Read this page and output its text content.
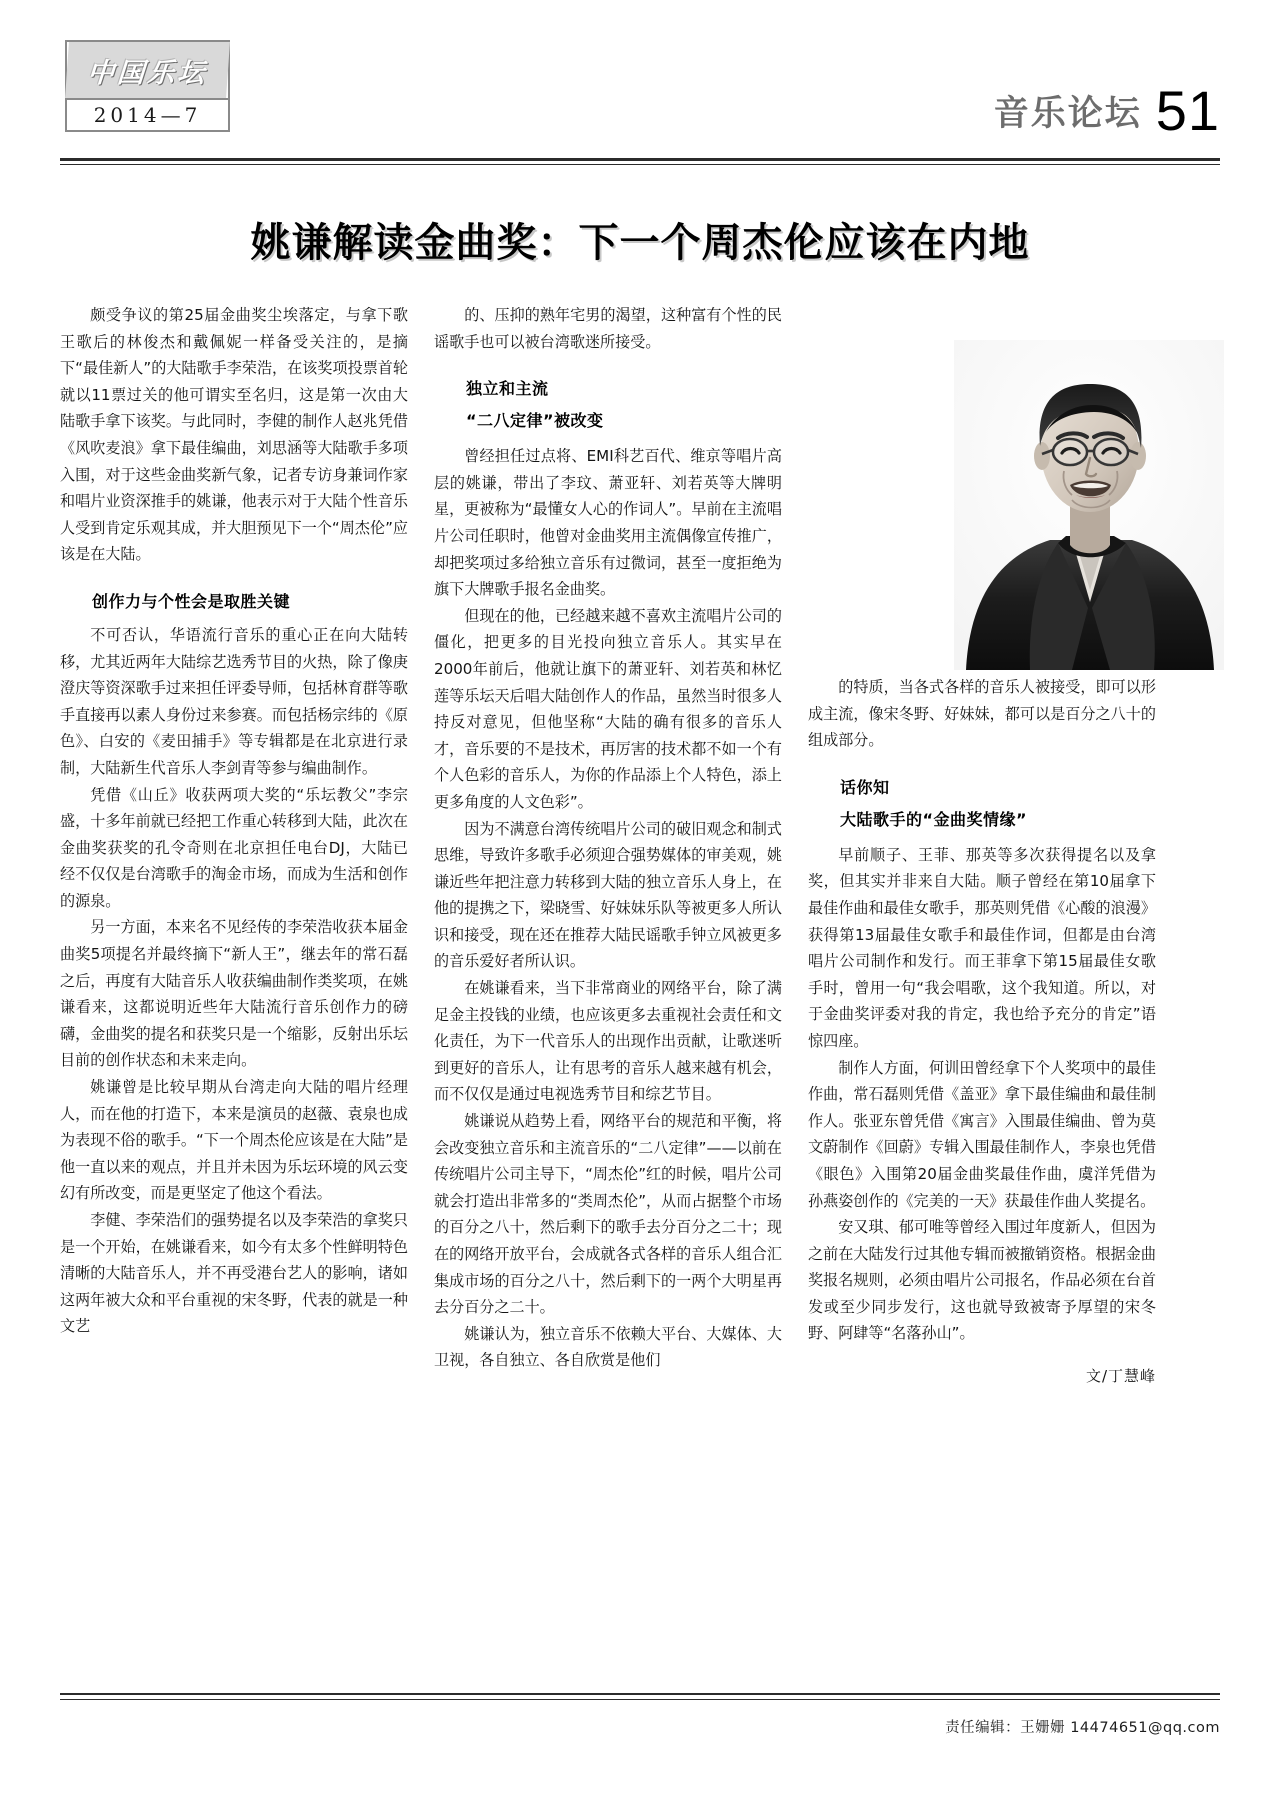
中国乐坛
2014—7	音乐论坛 51
姚谦解读金曲奖：下一个周杰伦应该在内地

颇受争议的第25届金曲奖尘埃落定，与拿下歌王歌后的林俊杰和戴佩妮一样备受关注的，是摘下“最佳新人”的大陆歌手李荣浩，在该奖项投票首轮就以11票过关的他可谓实至名归，这是第一次由大陆歌手拿下该奖。与此同时，李健的制作人赵兆凭借《风吹麦浪》拿下最佳编曲，刘思涵等大陆歌手多项入围，对于这些金曲奖新气象，记者专访身兼词作家和唱片业资深推手的姚谦，他表示对于大陆个性音乐人受到肯定乐观其成，并大胆预见下一个“周杰伦”应该是在大陆。

创作力与个性会是取胜关键

不可否认，华语流行音乐的重心正在向大陆转移，尤其近两年大陆综艺选秀节目的火热，除了像庚澄庆等资深歌手过来担任评委导师，包括林育群等歌手直接再以素人身份过来参赛。而包括杨宗纬的《原色》、白安的《麦田捕手》等专辑都是在北京进行录制，大陆新生代音乐人李剑青等参与编曲制作。

凭借《山丘》收获两项大奖的“乐坛教父”李宗盛，十多年前就已经把工作重心转移到大陆，此次在金曲奖获奖的孔令奇则在北京担任电台DJ，大陆已经不仅仅是台湾歌手的淘金市场，而成为生活和创作的源泉。

另一方面，本来名不见经传的李荣浩收获本届金曲奖5项提名并最终摘下“新人王”，继去年的常石磊之后，再度有大陆音乐人收获编曲制作类奖项，在姚谦看来，这都说明近些年大陆流行音乐创作力的磅礴，金曲奖的提名和获奖只是一个缩影，反射出乐坛目前的创作状态和未来走向。

姚谦曾是比较早期从台湾走向大陆的唱片经理人，而在他的打造下，本来是演员的赵薇、袁泉也成为表现不俗的歌手。“下一个周杰伦应该是在大陆”是他一直以来的观点，并且并未因为乐坛环境的风云变幻有所改变，而是更坚定了他这个看法。

李健、李荣浩们的强势提名以及李荣浩的拿奖只是一个开始，在姚谦看来，如今有太多个性鲜明特色清晰的大陆音乐人，并不再受港台艺人的影响，诸如这两年被大众和平台重视的宋冬野，代表的就是一种文艺

的、压抑的熟年宅男的渴望，这种富有个性的民谣歌手也可以被台湾歌迷所接受。

独立和主流
“二八定律”被改变

曾经担任过点将、EMI科艺百代、维京等唱片高层的姚谦，带出了李玟、萧亚轩、刘若英等大牌明星，更被称为“最懂女人心的作词人”。早前在主流唱片公司任职时，他曾对金曲奖用主流偶像宣传推广，却把奖项过多给独立音乐有过微词，甚至一度拒绝为旗下大牌歌手报名金曲奖。

但现在的他，已经越来越不喜欢主流唱片公司的僵化，把更多的目光投向独立音乐人。其实早在2000年前后，他就让旗下的萧亚轩、刘若英和林忆莲等乐坛天后唱大陆创作人的作品，虽然当时很多人持反对意见，但他坚称“大陆的确有很多的音乐人才，音乐要的不是技术，再厉害的技术都不如一个有个人色彩的音乐人，为你的作品添上个人特色，添上更多角度的人文色彩”。

因为不满意台湾传统唱片公司的破旧观念和制式思维，导致许多歌手必须迎合强势媒体的审美观，姚谦近些年把注意力转移到大陆的独立音乐人身上，在他的提携之下，梁晓雪、好妹妹乐队等被更多人所认识和接受，现在还在推荐大陆民谣歌手钟立风被更多的音乐爱好者所认识。

在姚谦看来，当下非常商业的网络平台，除了满足金主投钱的业绩，也应该更多去重视社会责任和文化责任，为下一代音乐人的出现作出贡献，让歌迷听到更好的音乐人，让有思考的音乐人越来越有机会，而不仅仅是通过电视选秀节目和综艺节目。

姚谦说从趋势上看，网络平台的规范和平衡，将会改变独立音乐和主流音乐的“二八定律”——以前在传统唱片公司主导下，“周杰伦”红的时候，唱片公司就会打造出非常多的“类周杰伦”，从而占据整个市场的百分之八十，然后剩下的歌手去分百分之二十；现在的网络开放平台，会成就各式各样的音乐人组合汇集成市场的百分之八十，然后剩下的一两个大明星再去分百分之二十。

姚谦认为，独立音乐不依赖大平台、大媒体、大卫视，各自独立、各自欣赏是他们

的特质，当各式各样的音乐人被接受，即可以形成主流，像宋冬野、好妹妹，都可以是百分之八十的组成部分。

话你知
大陆歌手的“金曲奖情缘”

早前顺子、王菲、那英等多次获得提名以及拿奖，但其实并非来自大陆。顺子曾经在第10届拿下最佳作曲和最佳女歌手，那英则凭借《心酸的浪漫》获得第13届最佳女歌手和最佳作词，但都是由台湾唱片公司制作和发行。而王菲拿下第15届最佳女歌手时，曾用一句“我会唱歌，这个我知道。所以，对于金曲奖评委对我的肯定，我也给予充分的肯定”语惊四座。

制作人方面，何训田曾经拿下个人奖项中的最佳作曲，常石磊则凭借《盖亚》拿下最佳编曲和最佳制作人。张亚东曾凭借《寓言》入围最佳编曲、曾为莫文蔚制作《回蔚》专辑入围最佳制作人，李泉也凭借《眼色》入围第20届金曲奖最佳作曲，虞洋凭借为孙燕姿创作的《完美的一天》获最佳作曲人奖提名。

安又琪、郁可唯等曾经入围过年度新人，但因为之前在大陆发行过其他专辑而被撤销资格。根据金曲奖报名规则，必须由唱片公司报名，作品必须在台首发或至少同步发行，这也就导致被寄予厚望的宋冬野、阿肆等“名落孙山”。

文/丁慧峰
责任编辑：王姗姗 14474651@qq.com
